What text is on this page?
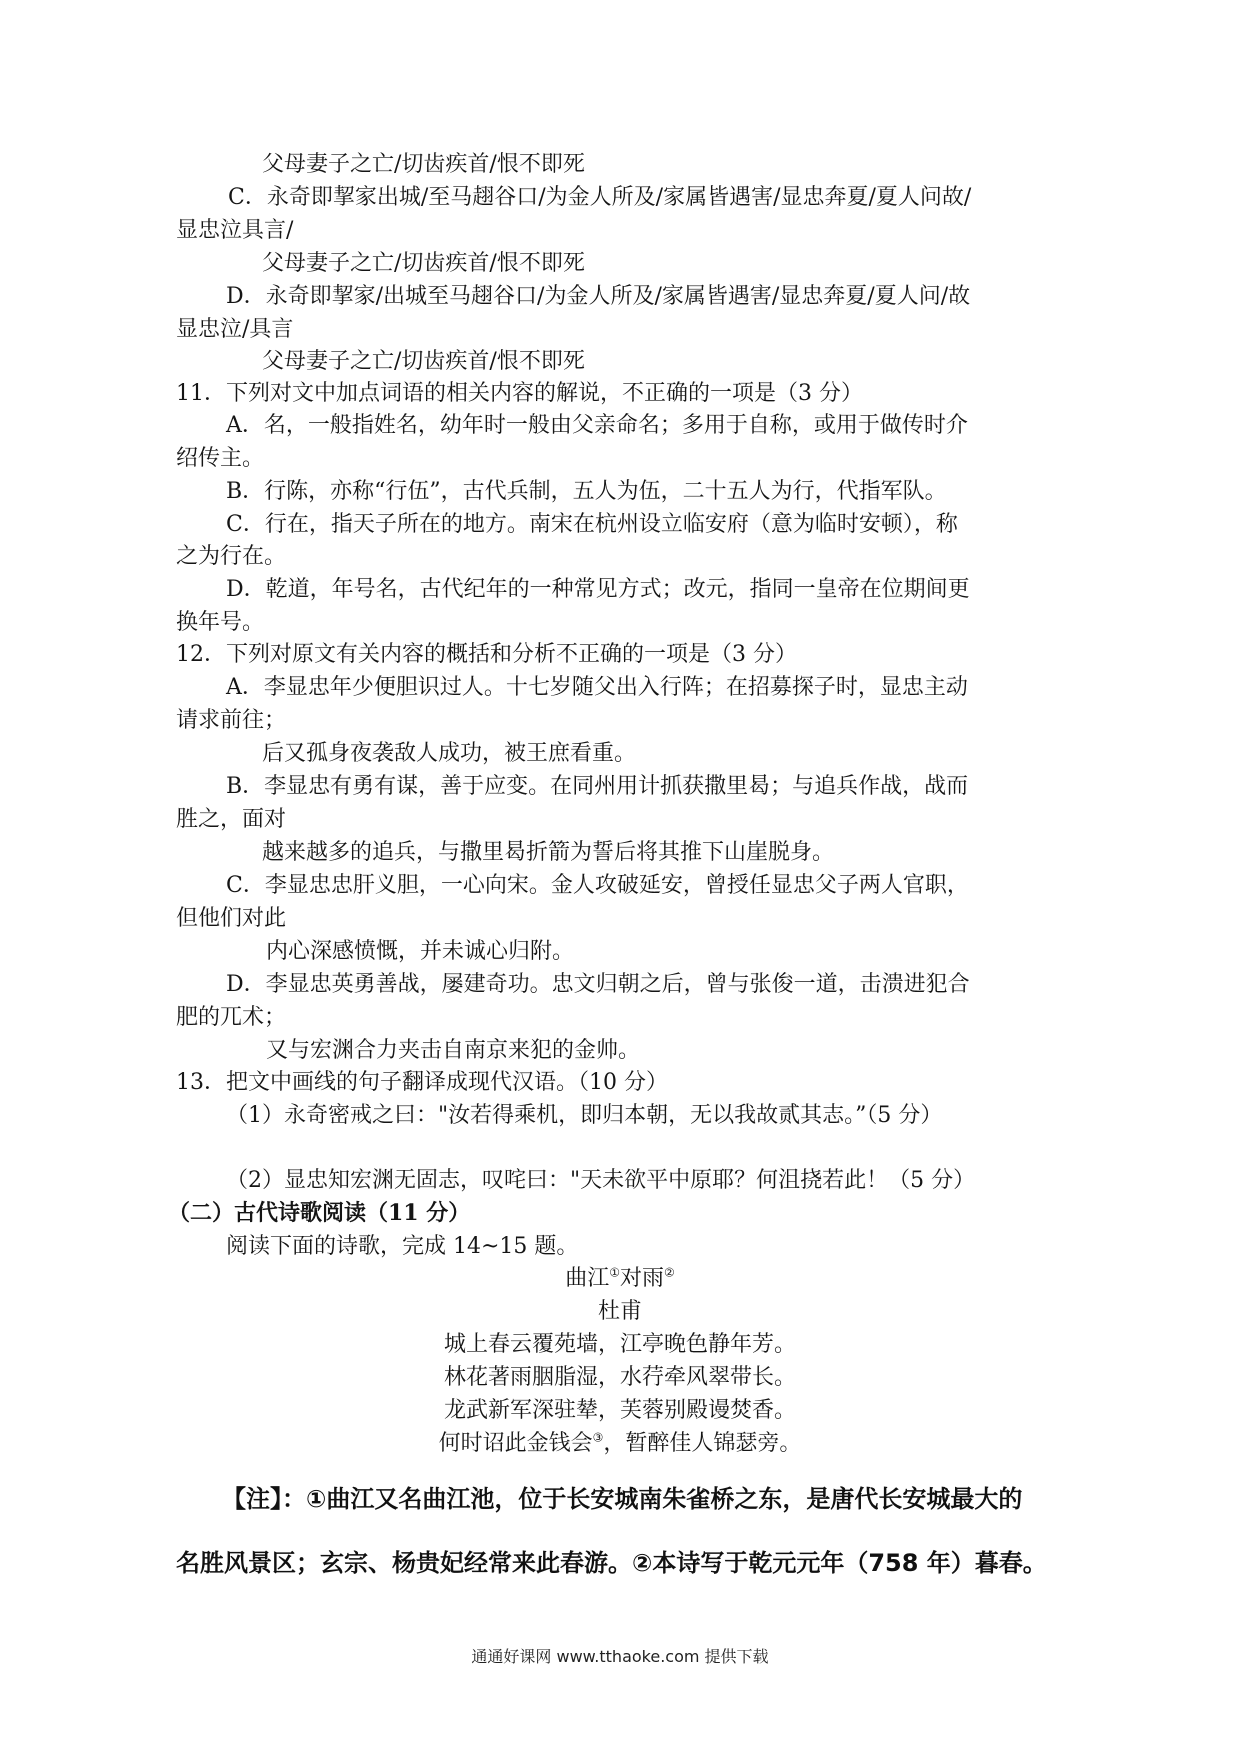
父母妻子之亡/切齿疾首/恨不即死
C．永奇即挈家出城/至马趐谷口/为金人所及/家属皆遇害/显忠奔夏/夏人问故/
显忠泣具言/
父母妻子之亡/切齿疾首/恨不即死
D．永奇即挈家/出城至马趐谷口/为金人所及/家属皆遇害/显忠奔夏/夏人问/故
显忠泣/具言
父母妻子之亡/切齿疾首/恨不即死
11．下列对文中加点词语的相关内容的解说，不正确的一项是（3 分）
A．名，一般指姓名，幼年时一般由父亲命名；多用于自称，或用于做传时介
绍传主。
B．行陈，亦称“行伍”，古代兵制，五人为伍，二十五人为行，代指军队。
C．行在，指天子所在的地方。南宋在杭州设立临安府（意为临时安顿），称
之为行在。
D．乾道，年号名，古代纪年的一种常见方式；改元，指同一皇帝在位期间更
换年号。
12．下列对原文有关内容的概括和分析不正确的一项是（3 分）
A．李显忠年少便胆识过人。十七岁随父出入行阵；在招募探子时，显忠主动
请求前往；
后又孤身夜袭敌人成功，被王庶看重。
B．李显忠有勇有谋，善于应变。在同州用计抓获撒里曷；与追兵作战，战而
胜之，面对
越来越多的追兵，与撒里曷折箭为誓后将其推下山崖脱身。
C．李显忠忠肝义胆，一心向宋。金人攻破延安，曾授任显忠父子两人官职，
但他们对此
内心深感愤慨，并未诚心归附。
D．李显忠英勇善战，屡建奇功。忠文归朝之后，曾与张俊一道，击溃进犯合
肥的兀术；
又与宏渊合力夹击自南京来犯的金帅。
13．把文中画线的句子翻译成现代汉语。（10 分）
（1）永奇密戒之曰："汝若得乘机，即归本朝，无以我故贰其志。”（5 分）
（2）显忠知宏渊无固志，叹咤曰："天未欲平中原耶？何沮挠若此！（5 分）
（二）古代诗歌阅读（11 分）
阅读下面的诗歌，完成 14~15 题。
曲江①对雨②
杜甫
城上春云覆苑墙，江亭晚色静年芳。
林花著雨胭脂湿，水荇牵风翠带长。
龙武新军深驻辇，芙蓉别殿谩焚香。
何时诏此金钱会③，暂醉佳人锦瑟旁。
【注】：①曲江又名曲江池，位于长安城南朱雀桥之东，是唐代长安城最大的
名胜风景区；玄宗、杨贵妃经常来此春游。②本诗写于乾元元年（758 年）暮春。
通通好课网 www.tthaoke.com 提供下载
